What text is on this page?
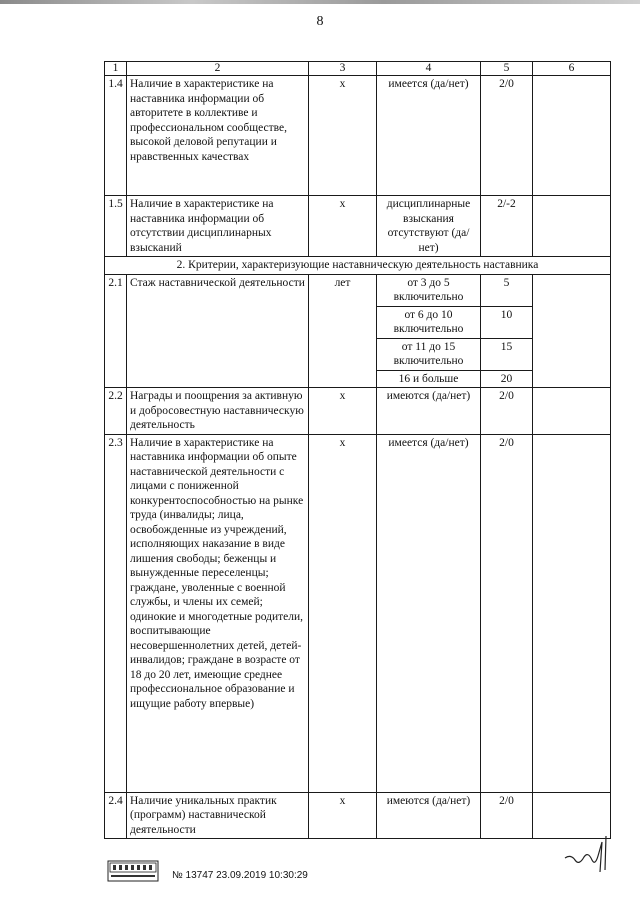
8
1	2	3	4	5	6
1.4	Наличие в характеристике на наставника информации об авторитете в коллективе и профессиональном сообществе, высокой деловой репутации и нравственных качествах	х	имеется (да/нет)	2/0	
1.5	Наличие в характеристике на наставника информации об отсутствии дисциплинарных взысканий	х	дисциплинарные взыскания отсутствуют (да/нет)	2/-2	
2. Критерии, характеризующие наставническую деятельность наставника					
2.1	Стаж наставнической деятельности	лет	от 3 до 5 включительно	5	
			от 6 до 10 включительно	10	
			от 11 до 15 включительно	15	
			16 и больше	20	
2.2	Награды и поощрения за активную и добросовестную наставническую деятельность	х	имеются (да/нет)	2/0	
2.3	Наличие в характеристике на наставника информации об опыте наставнической деятельности с лицами с пониженной конкурентоспособностью на рынке труда (инвалиды; лица, освобожденные из учреждений, исполняющих наказание в виде лишения свободы; беженцы и вынужденные переселенцы; граждане, уволенные с военной службы, и члены их семей; одинокие и многодетные родители, воспитывающие несовершеннолетних детей, детей-инвалидов; граждане в возрасте от 18 до 20 лет, имеющие среднее профессиональное образование и ищущие работу впервые)	х	имеется (да/нет)	2/0	
2.4	Наличие уникальных практик (программ) наставнической деятельности	х	имеются (да/нет)	2/0	
№ 13747 23.09.2019 10:30:29
